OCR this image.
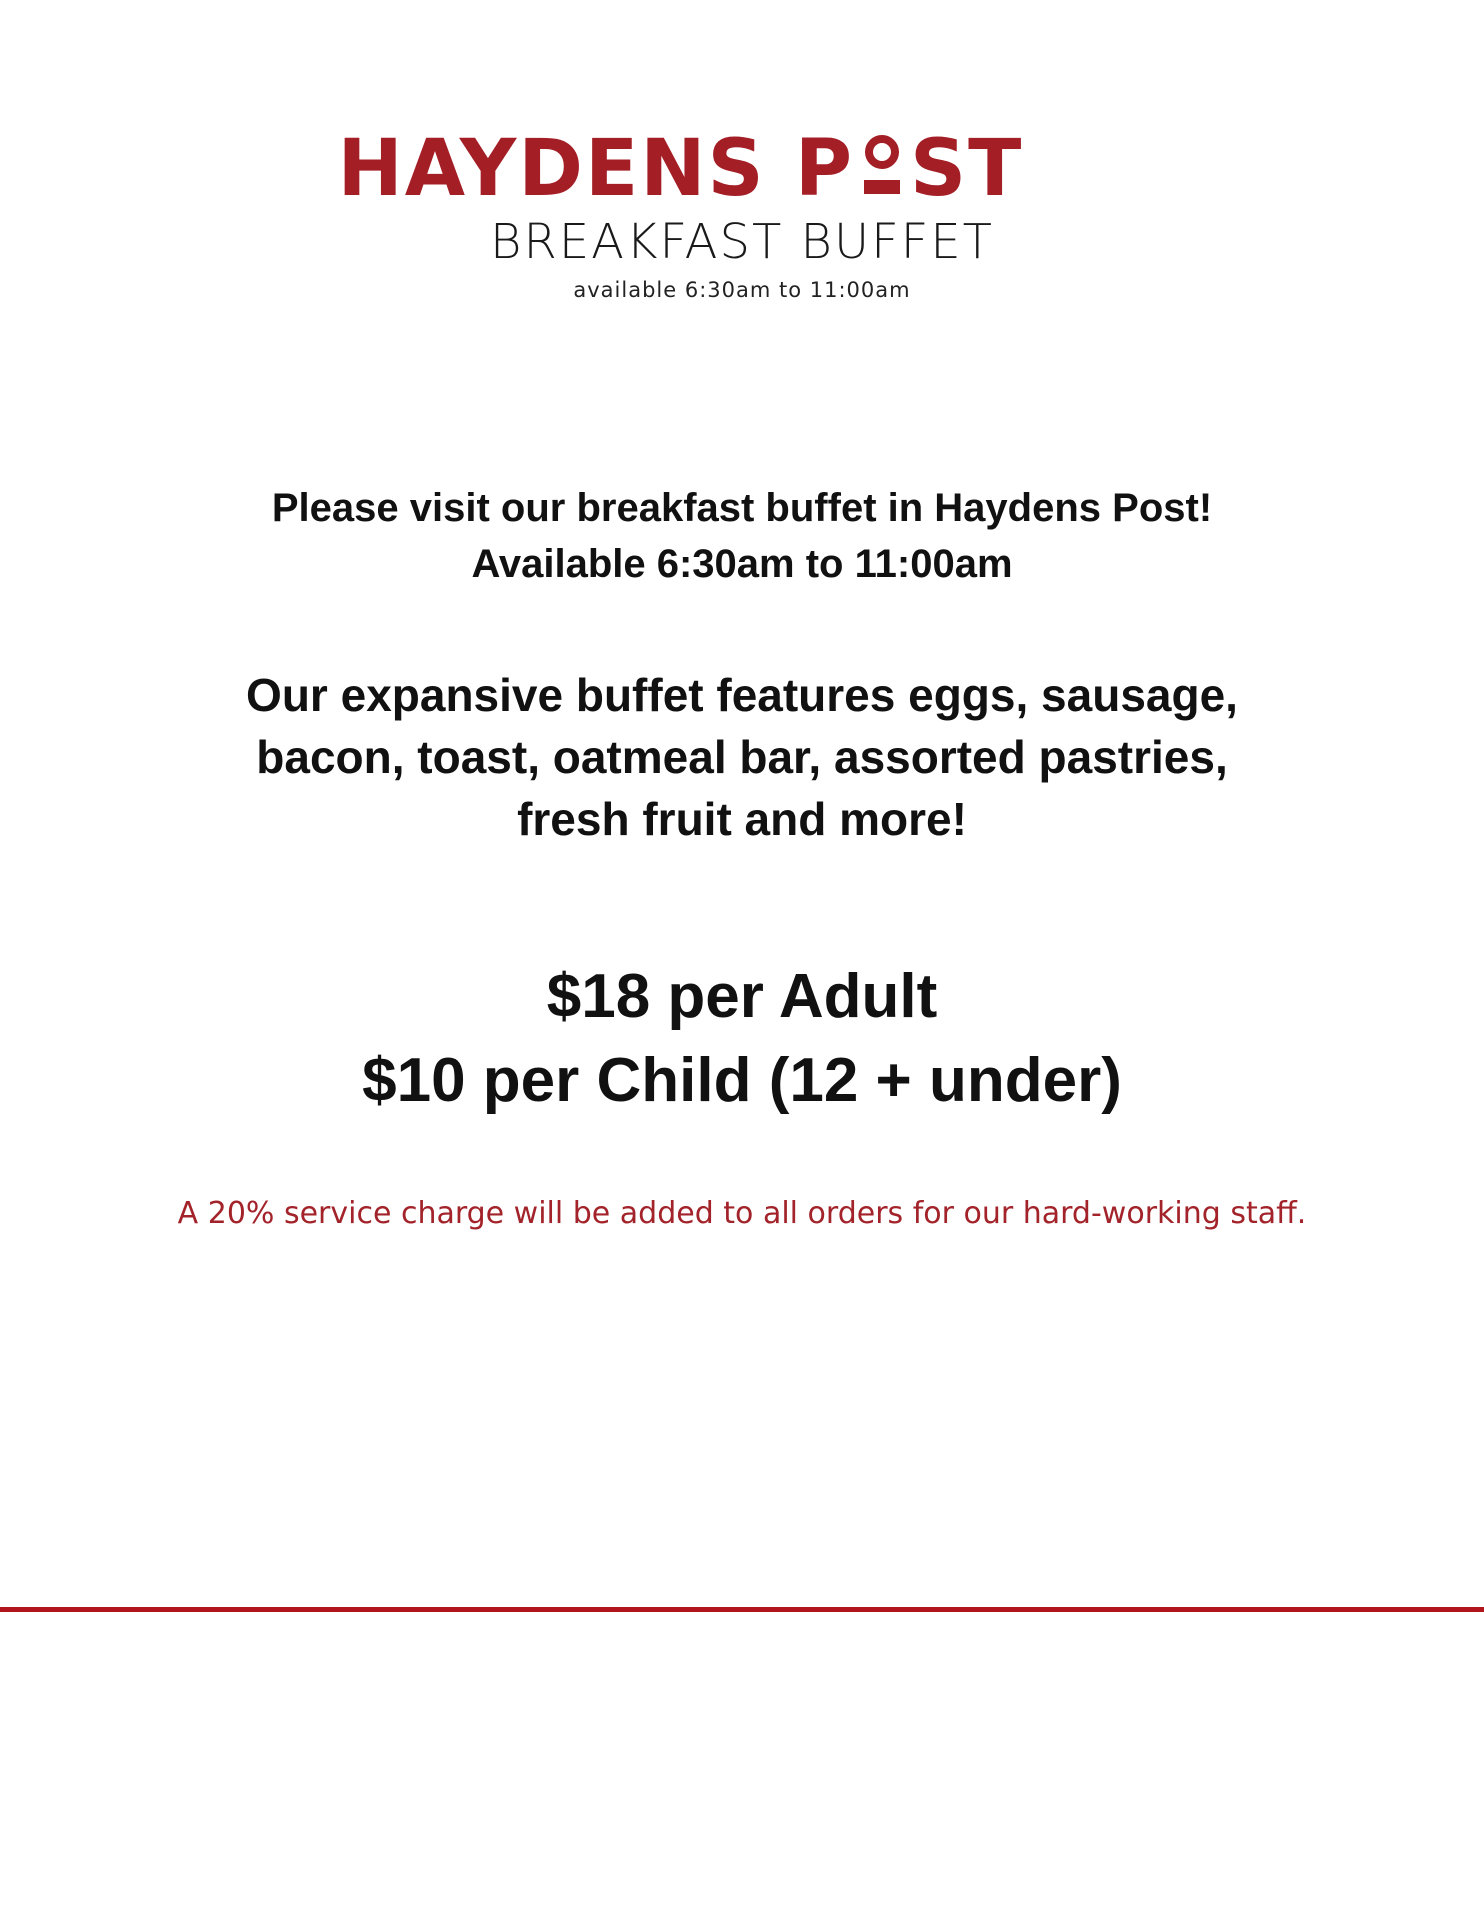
HAYDENS P ST
BREAKFAST BUFFET
available 6:30am to 11:00am
Please visit our breakfast buffet in Haydens Post!
Available 6:30am to 11:00am
Our expansive buffet features eggs, sausage,
bacon, toast, oatmeal bar, assorted pastries,
fresh fruit and more!
$18 per Adult
$10 per Child (12 + under)
A 20% service charge will be added to all orders for our hard-working staff.
